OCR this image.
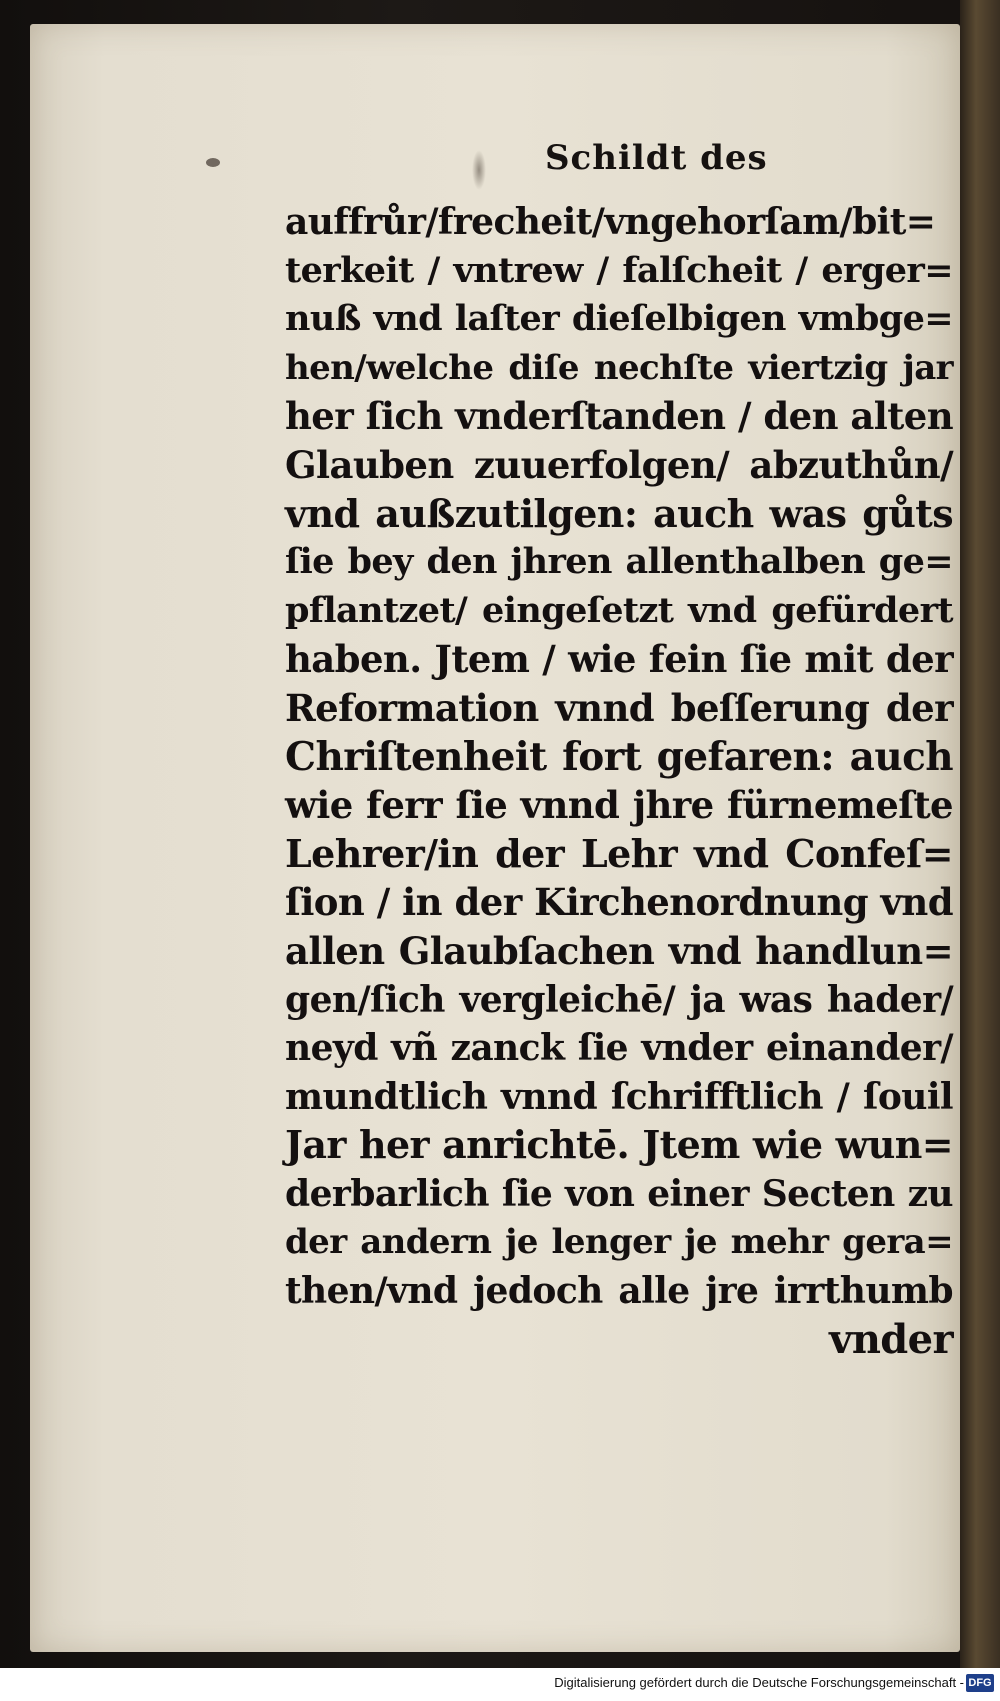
Schildt des
auffrůr/frecheit/vngehorſam/bit=
terkeit / vntrew / falſcheit / erger=
nuß vnd laſter dieſelbigen vmbge=
hen/welche diſe nechſte viertzig jar
her ſich vnderſtanden / den alten
Glauben zuuerfolgen/ abzuthůn/
vnd außzutilgen: auch was gůts
ſie bey den jhren allenthalben ge=
pflantzet/ eingeſetzt vnd gefürdert
haben. Jtem / wie fein ſie mit der
Reformation vnnd beſſerung der
Chriſtenheit fort gefaren: auch
wie ferr ſie vnnd jhre fürnemeſte
Lehrer/in der Lehr vnd Confeſ=
ſion / in der Kirchenordnung vnd
allen Glaubſachen vnd handlun=
gen/ſich vergleichē/ ja was hader/
neyd vñ zanck ſie vnder einander/
mundtlich vnnd ſchrifftlich / ſouil
Jar her anrichtē. Jtem wie wun=
derbarlich ſie von einer Secten zu
der andern je lenger je mehr gera=
then/vnd jedoch alle jre irrthumb
vnder
Digitalisierung gefördert durch die Deutsche Forschungsgemeinschaft - DFG
